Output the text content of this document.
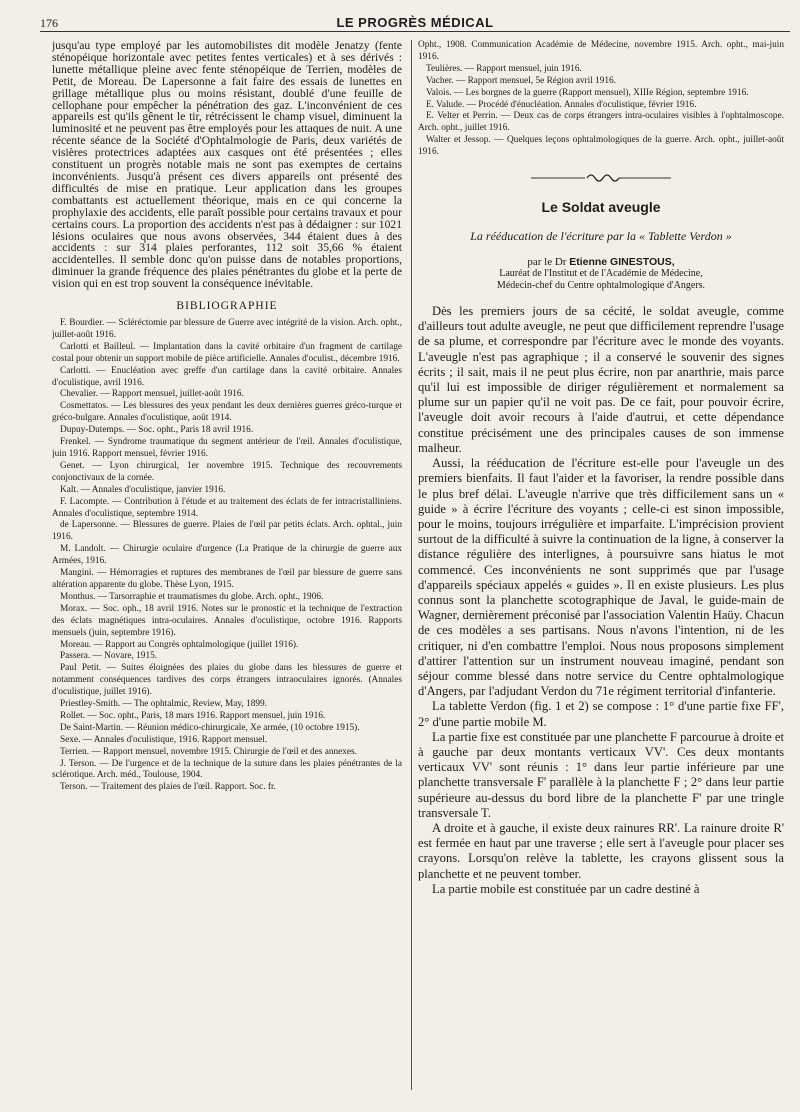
176	LE PROGRÈS MÉDICAL

jusqu'au type employé par les automobilistes dit modèle Jenatzy (fente sténopéique horizontale avec petites fentes verticales) et à ses dérivés : lunette métallique pleine avec fente sténopéique de Terrien, modèles de Petit, de Moreau. De Lapersonne a fait faire des essais de lunettes en grillage métallique plus ou moins résistant, doublé d'une feuille de cellophane pour empêcher la pénétration des gaz. L'inconvénient de ces appareils est qu'ils gênent le tir, rétrécissent le champ visuel, diminuent la luminosité et ne peuvent pas être employés pour les attaques de nuit. A une récente séance de la Société d'Ophtalmologie de Paris, deux variétés de visières protectrices adaptées aux casques ont été présentées ; elles constituent un progrès notable mais ne sont pas exemptes de certains inconvénients. Jusqu'à présent ces divers appareils ont présenté des difficultés de mise en pratique. Leur application dans les groupes combattants est actuellement théorique, mais en ce qui concerne la prophylaxie des accidents, elle paraît possible pour certains travaux et pour certains cours. La proportion des accidents n'est pas à dédaigner : sur 1021 lésions oculaires que nous avons observées, 344 étaient dues à des accidents : sur 314 plaies perforantes, 112 soit 35,66 % étaient accidentelles. Il semble donc qu'on puisse dans de notables proportions, diminuer la grande fréquence des plaies pénétrantes du globe et la perte de vision qui en est trop souvent la conséquence inévitable.

BIBLIOGRAPHIE

F. Bourdier. — Scléréctomie par blessure de Guerre avec intégrité de la vision. Arch. opht., juillet-août 1916.

Carlotti et Bailleul. — Implantation dans la cavité orbitaire d'un fragment de cartilage costal pour obtenir un support mobile de pièce artificielle. Annales d'oculist., décembre 1916.

Carlotti. — Enucléation avec greffe d'un cartilage dans la cavité orbitaire. Annales d'oculistique, avril 1916.

Chevalier. — Rapport mensuel, juillet-août 1916.

Cosmettatos. — Les blessures des yeux pendant les deux dernières guerres gréco-turque et gréco-bulgare. Annales d'oculistique, août 1914.

Dupuy-Dutemps. — Soc. opht., Paris 18 avril 1916.

Frenkel. — Syndrome traumatique du segment antérieur de l'œil. Annales d'oculistique, juin 1916. Rapport mensuel, février 1916.

Genet. — Lyon chirurgical, 1er novembre 1915. Technique des recouvrements conjonctivaux de la cornée.

Kalt. — Annales d'oculistique, janvier 1916.

F. Lacompte. — Contribution à l'étude et au traitement des éclats de fer intracristalliniens. Annales d'oculistique, septembre 1914.

de Lapersonne. — Blessures de guerre. Plaies de l'œil par petits éclats. Arch. ophtal., juin 1916.

M. Landolt. — Chirurgie oculaire d'urgence (La Pratique de la chirurgie de guerre aux Armées, 1916.

Mangini. — Hémorragies et ruptures des membranes de l'œil par blessure de guerre sans altération apparente du globe. Thèse Lyon, 1915.

Monthus. — Tarsorraphie et traumatismes du globe. Arch. opht., 1906.

Morax. — Soc. oph., 18 avril 1916. Notes sur le pronostic et la technique de l'extraction des éclats magnétiques intra-oculaires. Annales d'oculistique, octobre 1916. Rapports mensuels (juin, septembre 1916).

Moreau. — Rapport au Congrès ophtalmologique (juillet 1916).

Passera. — Novare, 1915.

Paul Petit. — Suites éloignées des plaies du globe dans les blessures de guerre et notamment conséquences tardives des corps étrangers intraoculaires ignorés. (Annales d'oculistique, juillet 1916).

Priestley-Smith. — The ophtalmic, Review, May, 1899.

Rollet. — Soc. opht., Paris, 18 mars 1916. Rapport mensuel, juin 1916.

De Saint-Martin. — Réunion médico-chirurgicale, Xe armée, (10 octobre 1915).

Sexe. — Annales d'oculistique, 1916. Rapport mensuel.

Terrien. — Rapport mensuel, novembre 1915. Chirurgie de l'œil et des annexes.

J. Terson. — De l'urgence et de la technique de la suture dans les plaies pénétrantes de la sclérotique. Arch. méd., Toulouse, 1904.

Terson. — Traitement des plaies de l'œil. Rapport. Soc. fr.

Opht., 1908. Communication Académie de Médecine, novembre 1915. Arch. opht., mai-juin 1916.

Teulières. — Rapport mensuel, juin 1916.

Vacher. — Rapport mensuel, 5e Région avril 1916.

Valois. — Les borgnes de la guerre (Rapport mensuel), XIIIe Région, septembre 1916.

E. Valude. — Procédé d'énucléation. Annales d'oculistique, février 1916.

E. Velter et Perrin. — Deux cas de corps étrangers intra-oculaires visibles à l'ophtalmoscope. Arch. opht., juillet 1916.

Walter et Jessop. — Quelques leçons ophtalmologiques de la guerre. Arch. opht., juillet-août 1916.

Le Soldat aveugle
La rééducation de l'écriture par la « Tablette Verdon »

par le Dr Etienne GINESTOUS,

Lauréat de l'Institut et de l'Académie de Médecine,
Médecin-chef du Centre ophtalmologique d'Angers.

Dès les premiers jours de sa cécité, le soldat aveugle, comme d'ailleurs tout adulte aveugle, ne peut que difficilement reprendre l'usage de sa plume, et correspondre par l'écriture avec le monde des voyants. L'aveugle n'est pas agraphique ; il a conservé le souvenir des signes écrits ; il sait, mais il ne peut plus écrire, non par anarthrie, mais parce qu'il lui est impossible de diriger régulièrement et normalement sa plume sur un papier qu'il ne voit pas. De ce fait, pour pouvoir écrire, l'aveugle doit avoir recours à l'aide d'autrui, et cette dépendance constitue précisément une des principales causes de son immense malheur.

Aussi, la rééducation de l'écriture est-elle pour l'aveugle un des premiers bienfaits. Il faut l'aider et la favoriser, la rendre possible dans le plus bref délai. L'aveugle n'arrive que très difficilement sans un « guide » à écrire l'écriture des voyants ; celle-ci est sinon impossible, pour le moins, toujours irrégulière et imparfaite. L'imprécision provient surtout de la difficulté à suivre la continuation de la ligne, à conserver la distance régulière des interlignes, à poursuivre sans hiatus le mot commencé. Ces inconvénients ne sont supprimés que par l'usage d'appareils spéciaux appelés « guides ». Il en existe plusieurs. Les plus connus sont la planchette scotographique de Javal, le guide-main de Wagner, dernièrement préconisé par l'association Valentin Haüy. Chacun de ces modèles a ses partisans. Nous n'avons l'intention, ni de les critiquer, ni d'en combattre l'emploi. Nous nous proposons simplement d'attirer l'attention sur un instrument nouveau imaginé, pendant son séjour comme blessé dans notre service du Centre ophtalmologique d'Angers, par l'adjudant Verdon du 71e régiment territorial d'infanterie.

La tablette Verdon (fig. 1 et 2) se compose : 1° d'une partie fixe FF', 2° d'une partie mobile M.

La partie fixe est constituée par une planchette F parcourue à droite et à gauche par deux montants verticaux VV'. Ces deux montants verticaux VV' sont réunis : 1° dans leur partie inférieure par une planchette transversale F' parallèle à la planchette F ; 2° dans leur partie supérieure au-dessus du bord libre de la planchette F' par une tringle transversale T.

A droite et à gauche, il existe deux rainures RR'. La rainure droite R' est fermée en haut par une traverse ; elle sert à l'aveugle pour placer ses crayons. Lorsqu'on relève la tablette, les crayons glissent sous la planchette et ne peuvent tomber.

La partie mobile est constituée par un cadre destiné à
